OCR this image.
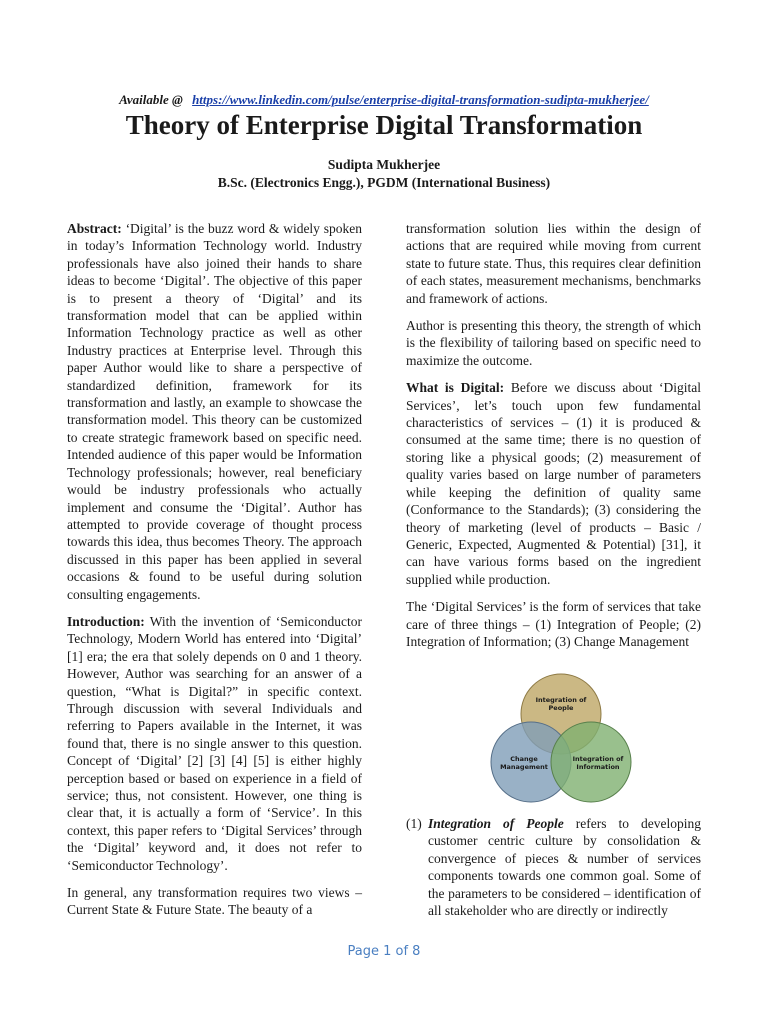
Available @ https://www.linkedin.com/pulse/enterprise-digital-transformation-sudipta-mukherjee/
Theory of Enterprise Digital Transformation
Sudipta Mukherjee
B.Sc. (Electronics Engg.), PGDM (International Business)

Abstract: ‘Digital’ is the buzz word & widely spoken in today’s Information Technology world. Industry professionals have also joined their hands to share ideas to become ‘Digital’. The objective of this paper is to present a theory of ‘Digital’ and its transformation model that can be applied within Information Technology practice as well as other Industry practices at Enterprise level. Through this paper Author would like to share a perspective of standardized definition, framework for its transformation and lastly, an example to showcase the transformation model. This theory can be customized to create strategic framework based on specific need. Intended audience of this paper would be Information Technology professionals; however, real beneficiary would be industry professionals who actually implement and consume the ‘Digital’. Author has attempted to provide coverage of thought process towards this idea, thus becomes Theory. The approach discussed in this paper has been applied in several occasions & found to be useful during solution consulting engagements.

Introduction: With the invention of ‘Semiconductor Technology, Modern World has entered into ‘Digital’ [1] era; the era that solely depends on 0 and 1 theory. However, Author was searching for an answer of a question, “What is Digital?” in specific context. Through discussion with several Individuals and referring to Papers available in the Internet, it was found that, there is no single answer to this question. Concept of ‘Digital’ [2] [3] [4] [5] is either highly perception based or based on experience in a field of service; thus, not consistent. However, one thing is clear that, it is actually a form of ‘Service’. In this context, this paper refers to ‘Digital Services’ through the ‘Digital’ keyword and, it does not refer to ‘Semiconductor Technology’.

In general, any transformation requires two views – Current State & Future State. The beauty of a

transformation solution lies within the design of actions that are required while moving from current state to future state. Thus, this requires clear definition of each states, measurement mechanisms, benchmarks and framework of actions.

Author is presenting this theory, the strength of which is the flexibility of tailoring based on specific need to maximize the outcome.

What is Digital: Before we discuss about ‘Digital Services’, let’s touch upon few fundamental characteristics of services – (1) it is produced & consumed at the same time; there is no question of storing like a physical goods; (2) measurement of quality varies based on large number of parameters while keeping the definition of quality same (Conformance to the Standards); (3) considering the theory of marketing (level of products – Basic / Generic, Expected, Augmented & Potential) [31], it can have various forms based on the ingredient supplied while production.

The ‘Digital Services’ is the form of services that take care of three things – (1) Integration of People; (2) Integration of Information; (3) Change Management

Integration of
People
Change
Management
Integration of
Information
(1) Integration of People refers to developing customer centric culture by consolidation & convergence of pieces & number of services components towards one common goal. Some of the parameters to be considered – identification of all stakeholder who are directly or indirectly
Page 1 of 8
